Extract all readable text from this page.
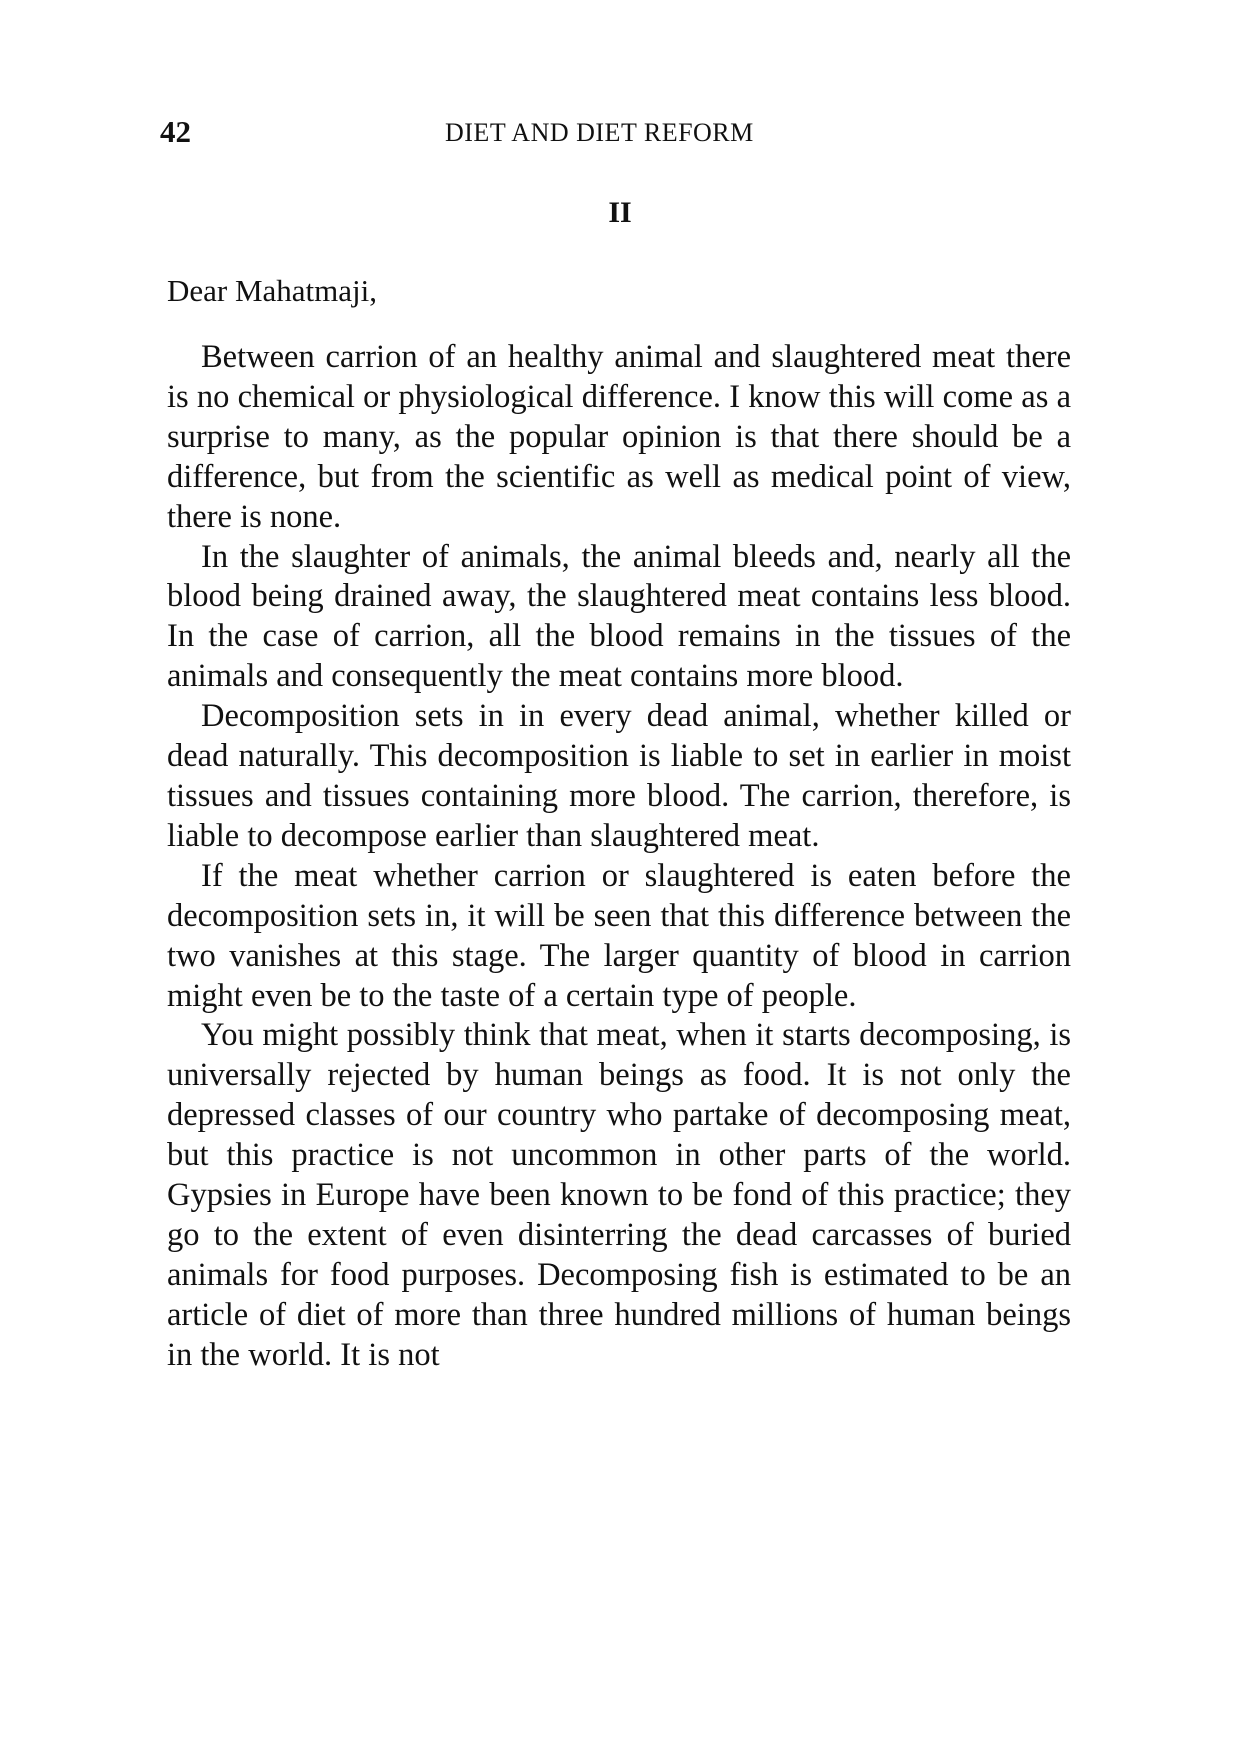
42	DIET AND DIET REFORM
II
Dear Mahatmaji,

Between carrion of an healthy animal and slaughtered meat there is no chemical or physiological difference. I know this will come as a surprise to many, as the popular opinion is that there should be a difference, but from the scientific as well as medical point of view, there is none.

In the slaughter of animals, the animal bleeds and, nearly all the blood being drained away, the slaughtered meat contains less blood. In the case of carrion, all the blood remains in the tissues of the animals and consequently the meat contains more blood.

Decomposition sets in in every dead animal, whether killed or dead naturally. This decomposition is liable to set in earlier in moist tissues and tissues containing more blood. The carrion, therefore, is liable to decompose earlier than slaughtered meat.

If the meat whether carrion or slaughtered is eaten before the decomposition sets in, it will be seen that this difference between the two vanishes at this stage. The larger quantity of blood in carrion might even be to the taste of a certain type of people.

You might possibly think that meat, when it starts decomposing, is universally rejected by human beings as food. It is not only the depressed classes of our country who partake of decomposing meat, but this practice is not uncommon in other parts of the world. Gypsies in Europe have been known to be fond of this practice; they go to the extent of even disinterring the dead carcasses of buried animals for food purposes. Decomposing fish is estimated to be an article of diet of more than three hundred millions of human beings in the world. It is not
